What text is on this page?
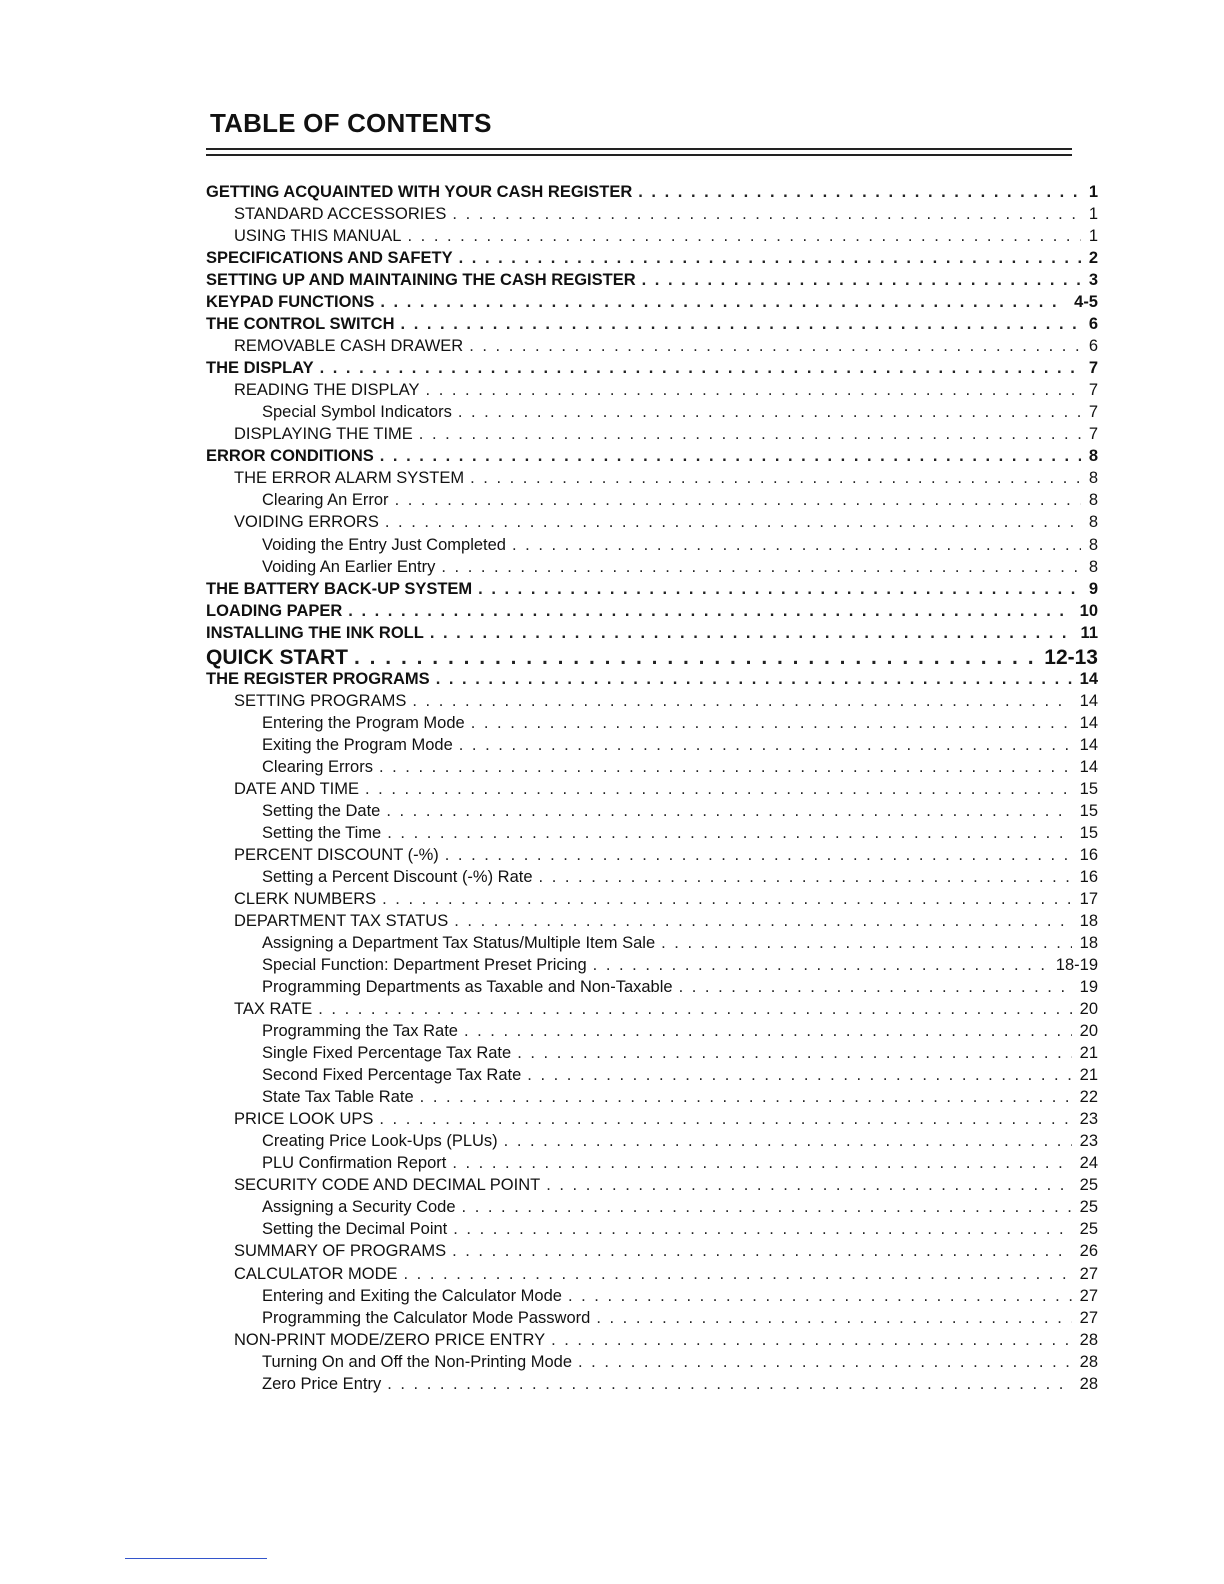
TABLE OF CONTENTS
GETTING ACQUAINTED WITH YOUR CASH REGISTER . . .	1
STANDARD ACCESSORIES . . .	1
USING THIS MANUAL . . .	1
SPECIFICATIONS AND SAFETY . . .	2
SETTING UP AND MAINTAINING THE CASH REGISTER . . .	3
KEYPAD FUNCTIONS . . .	4-5
THE CONTROL SWITCH . . .	6
REMOVABLE CASH DRAWER . . .	6
THE DISPLAY . . .	7
READING THE DISPLAY . . .	7
Special Symbol Indicators . . .	7
DISPLAYING THE TIME . . .	7
ERROR CONDITIONS . . .	8
THE ERROR ALARM SYSTEM . . .	8
Clearing An Error . . .	8
VOIDING ERRORS . . .	8
Voiding the Entry Just Completed . . .	8
Voiding An Earlier Entry . . .	8
THE BATTERY BACK-UP SYSTEM . . .	9
LOADING PAPER . . .	10
INSTALLING THE INK ROLL . . .	11
QUICK START . . .	12-13
THE REGISTER PROGRAMS . . .	14
SETTING PROGRAMS . . .	14
Entering the Program Mode . . .	14
Exiting the Program Mode . . .	14
Clearing Errors . . .	14
DATE AND TIME . . .	15
Setting the Date . . .	15
Setting the Time . . .	15
PERCENT DISCOUNT (-%) . . .	16
Setting a Percent Discount (-%) Rate . . .	16
CLERK NUMBERS . . .	17
DEPARTMENT TAX STATUS . . .	18
Assigning a Department Tax Status/Multiple Item Sale . . .	18
Special Function: Department Preset Pricing . . .	18-19
Programming Departments as Taxable and Non-Taxable . . .	19
TAX RATE . . .	20
Programming the Tax Rate . . .	20
Single Fixed Percentage Tax Rate . . .	21
Second Fixed Percentage Tax Rate . . .	21
State Tax Table Rate . . .	22
PRICE LOOK UPS . . .	23
Creating Price Look-Ups (PLUs) . . .	23
PLU Confirmation Report . . .	24
SECURITY CODE AND DECIMAL POINT . . .	25
Assigning a Security Code . . .	25
Setting the Decimal Point . . .	25
SUMMARY OF PROGRAMS . . .	26
CALCULATOR MODE . . .	27
Entering and Exiting the Calculator Mode . . .	27
Programming the Calculator Mode Password . . .	27
NON-PRINT MODE/ZERO PRICE ENTRY . . .	28
Turning On and Off the Non-Printing Mode . . .	28
Zero Price Entry . . .	28
